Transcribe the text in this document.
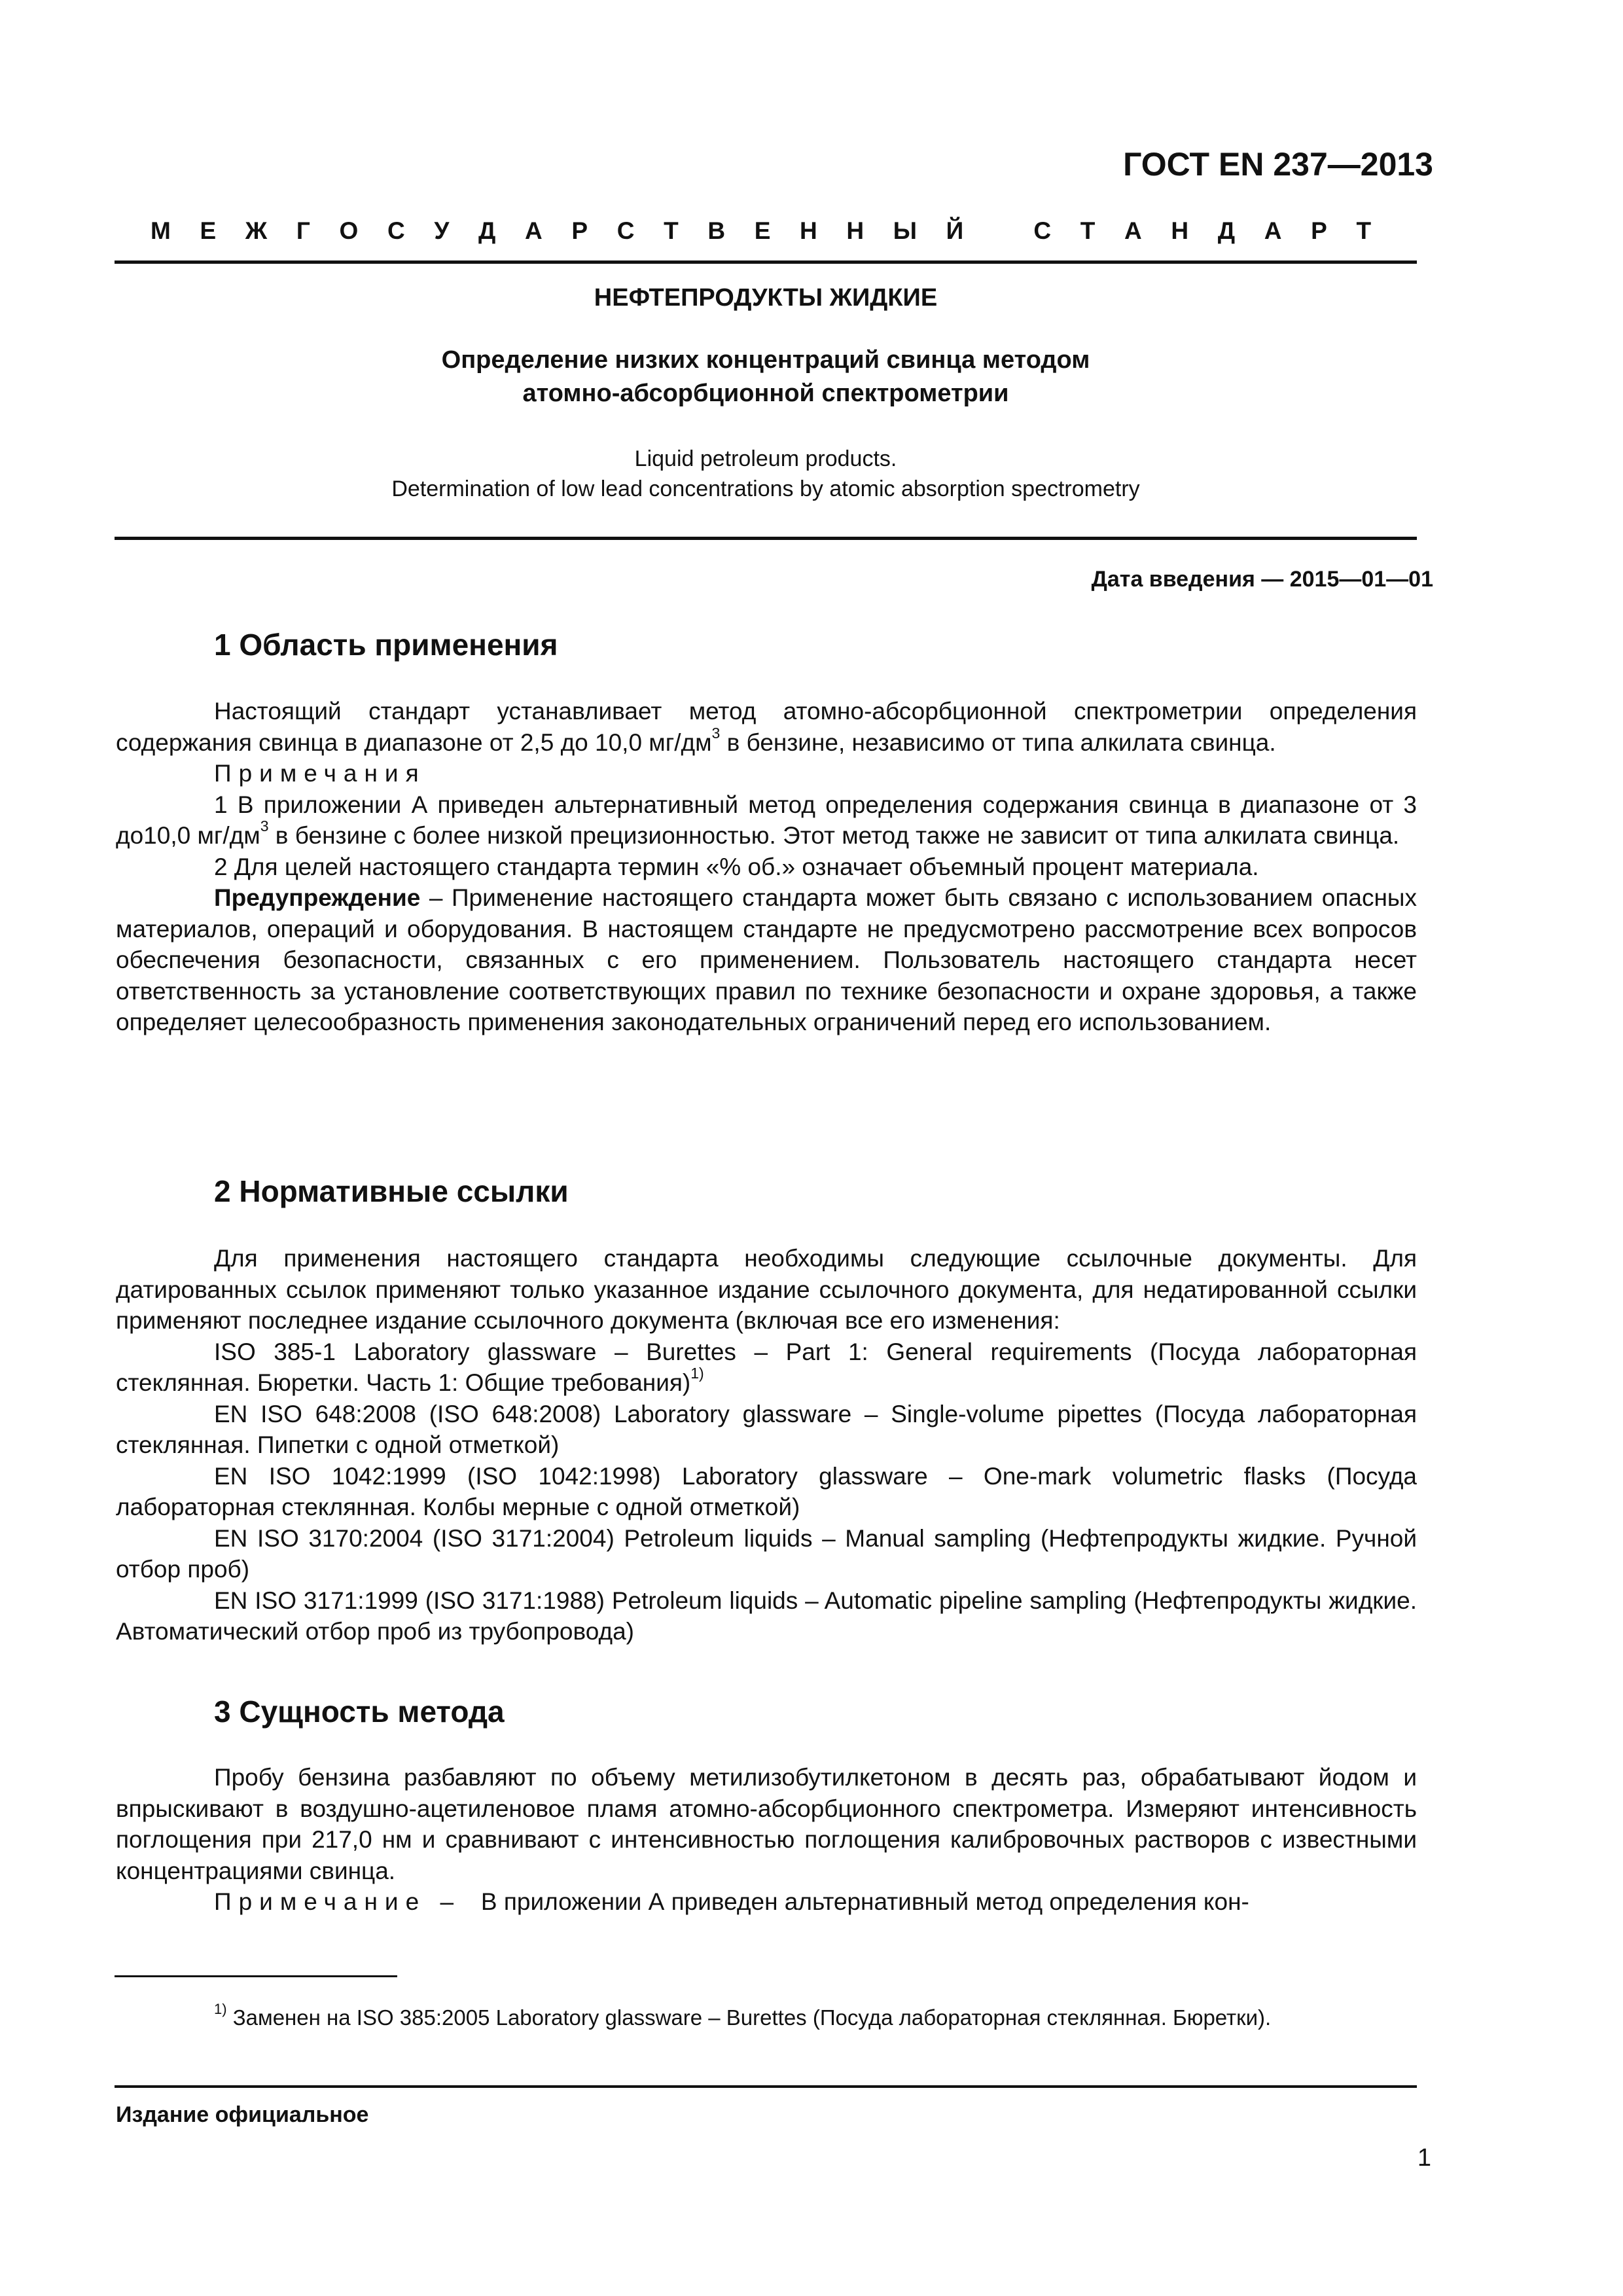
ГОСТ EN 237—2013
М Е Ж Г О С У Д А Р С Т В Е Н Н Ы Й	С Т А Н Д А Р Т
НЕФТЕПРОДУКТЫ ЖИДКИЕ
Определение низких концентраций свинца методом
атомно-абсорбционной спектрометрии
Liquid petroleum products.
Determination of low lead concentrations by atomic absorption spectrometry
Дата введения — 2015—01—01
1 Область применения

Настоящий стандарт устанавливает метод атомно-абсорбционной спектрометрии определения содержания свинца в диапазоне от 2,5 до 10,0 $мг/дм^3$ в бензине, независимо от типа алкилата свинца.

Примечания

1 В приложении А приведен альтернативный метод определения содержания свинца в диапазоне от 3 до10,0 $мг/дм^3$ в бензине с более низкой прецизионностью. Этот метод также не зависит от типа алкилата свинца.

2 Для целей настоящего стандарта термин «% об.» означает объемный процент материала.

Предупреждение – Применение настоящего стандарта может быть связано с использованием опасных материалов, операций и оборудования. В настоящем стандарте не предусмотрено рассмотрение всех вопросов обеспечения безопасности, связанных с его применением. Пользователь настоящего стандарта несет ответственность за установление соответствующих правил по технике безопасности и охране здоровья, а также определяет целесообразность применения законодательных ограничений перед его использованием.

2 Нормативные ссылки

Для применения настоящего стандарта необходимы следующие ссылочные документы. Для датированных ссылок применяют только указанное издание ссылочного документа, для недатированной ссылки применяют последнее издание ссылочного документа (включая все его изменения:

ISO 385-1 Laboratory glassware – Burettes – Part 1: General requirements (Посуда лабораторная стеклянная. Бюретки. Часть 1: Общие требования)$^{1)}$

EN ISO 648:2008 (ISO 648:2008) Laboratory glassware – Single-volume pipettes (Посуда лабораторная стеклянная. Пипетки с одной отметкой)

EN ISO 1042:1999 (ISO 1042:1998) Laboratory glassware – One-mark volumetric flasks (Посуда лабораторная стеклянная. Колбы мерные с одной отметкой)

EN ISO 3170:2004 (ISO 3171:2004) Petroleum liquids – Manual sampling (Нефтепродукты жидкие. Ручной отбор проб)

EN ISO 3171:1999 (ISO 3171:1988) Petroleum liquids – Automatic pipeline sampling (Нефтепродукты жидкие. Автоматический отбор проб из трубопровода)

3 Сущность метода

Пробу бензина разбавляют по объему метилизобутилкетоном в десять раз, обрабатывают йодом и впрыскивают в воздушно-ацетиленовое пламя атомно-абсорбционного спектрометра. Измеряют интенсивность поглощения при 217,0 нм и сравнивают с интенсивностью поглощения калибровочных растворов с известными концентрациями свинца.

Примечание – В приложении А приведен альтернативный метод определения кон-

$^{1)}$ Заменен на ISO 385:2005 Laboratory glassware – Burettes (Посуда лабораторная стеклянная. Бюретки).
Издание официальное
1
